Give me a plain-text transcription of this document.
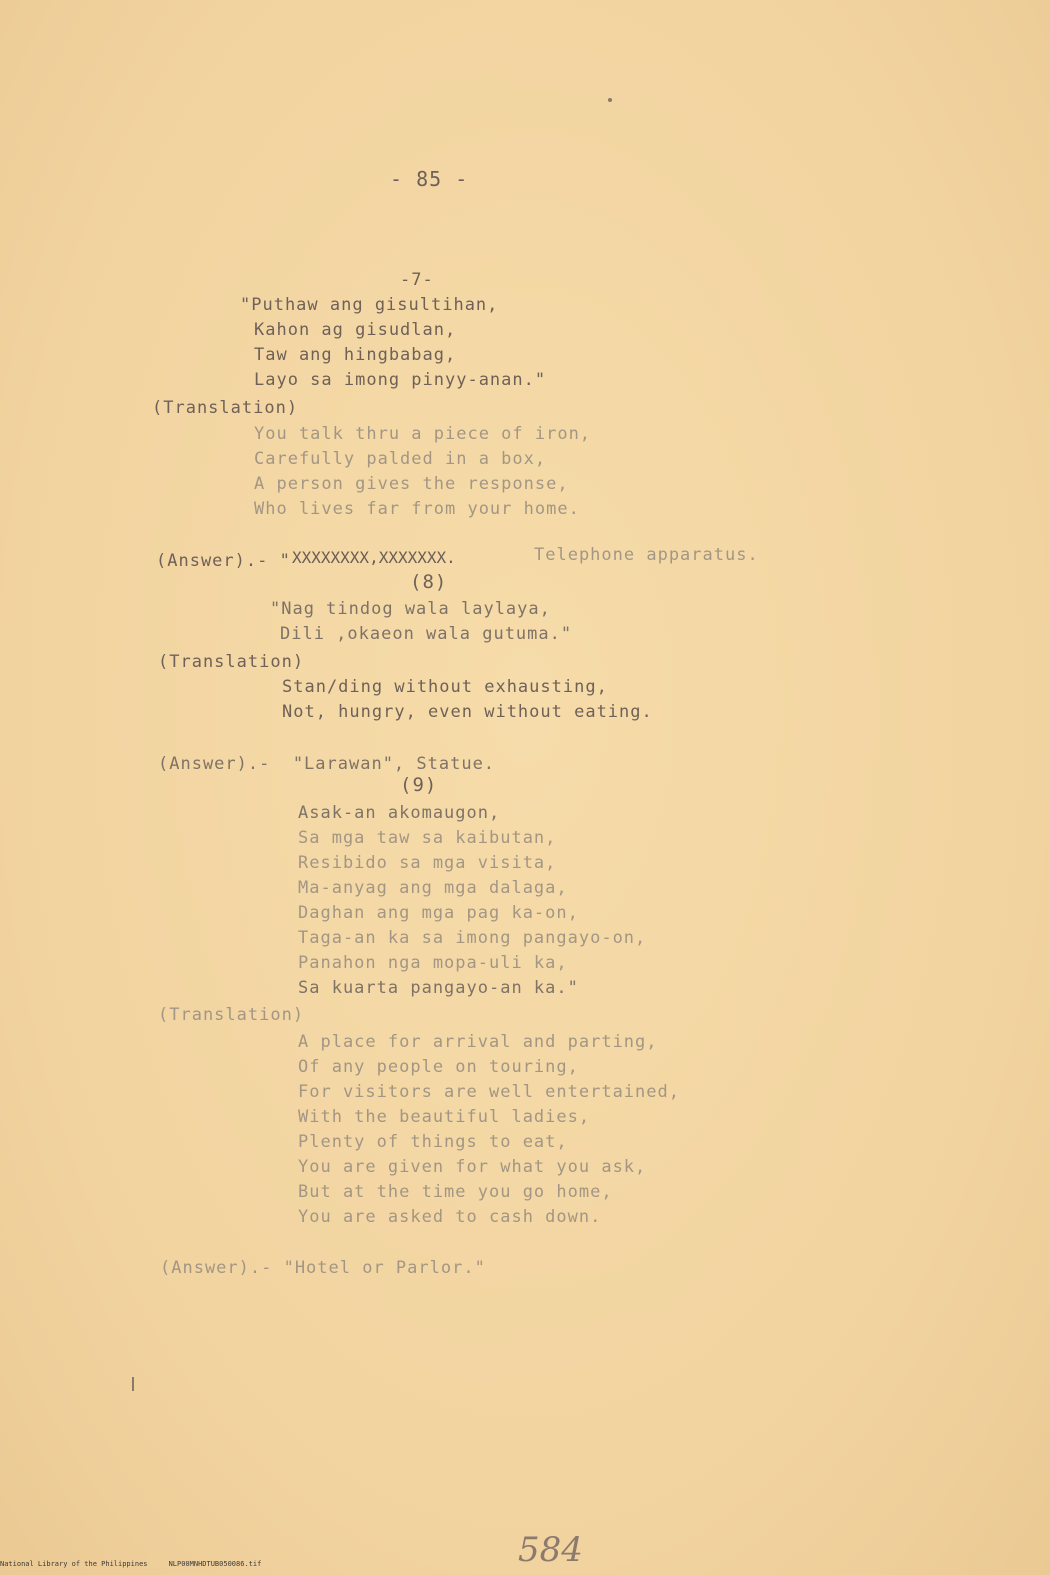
- 85 -
-7-
"Puthaw ang gisultihan,
Kahon ag gisudlan,
Taw ang hingbabag,
Layo sa imong pinyy-anan."
(Translation)
You talk thru a piece of iron,
Carefully palded in a box,
A person gives the response,
Who lives far from your home.
(Answer).- " XXXXXXXX,XXXXXXX.	Telephone apparatus.
(8)
"Nag tindog wala laylaya,
Dili ,okaeon wala gutuma."
(Translation)
Stan/ding without exhausting,
Not, hungry, even without eating.
(Answer).-  "Larawan", Statue.
(9)
Asak-an akomaugon,
Sa mga taw sa kaibutan,
Resibido sa mga visita,
Ma-anyag ang mga dalaga,
Daghan ang mga pag ka-on,
Taga-an ka sa imong pangayo-on,
Panahon nga mopa-uli ka,
Sa kuarta pangayo-an ka."
(Translation)
A place for arrival and parting,
Of any people on touring,
For visitors are well entertained,
With the beautiful ladies,
Plenty of things to eat,
You are given for what you ask,
But at the time you go home,
You are asked to cash down.
(Answer).- "Hotel or Parlor."
584
National Library of the Philippines     NLP00MNHDTUB050086.tif
